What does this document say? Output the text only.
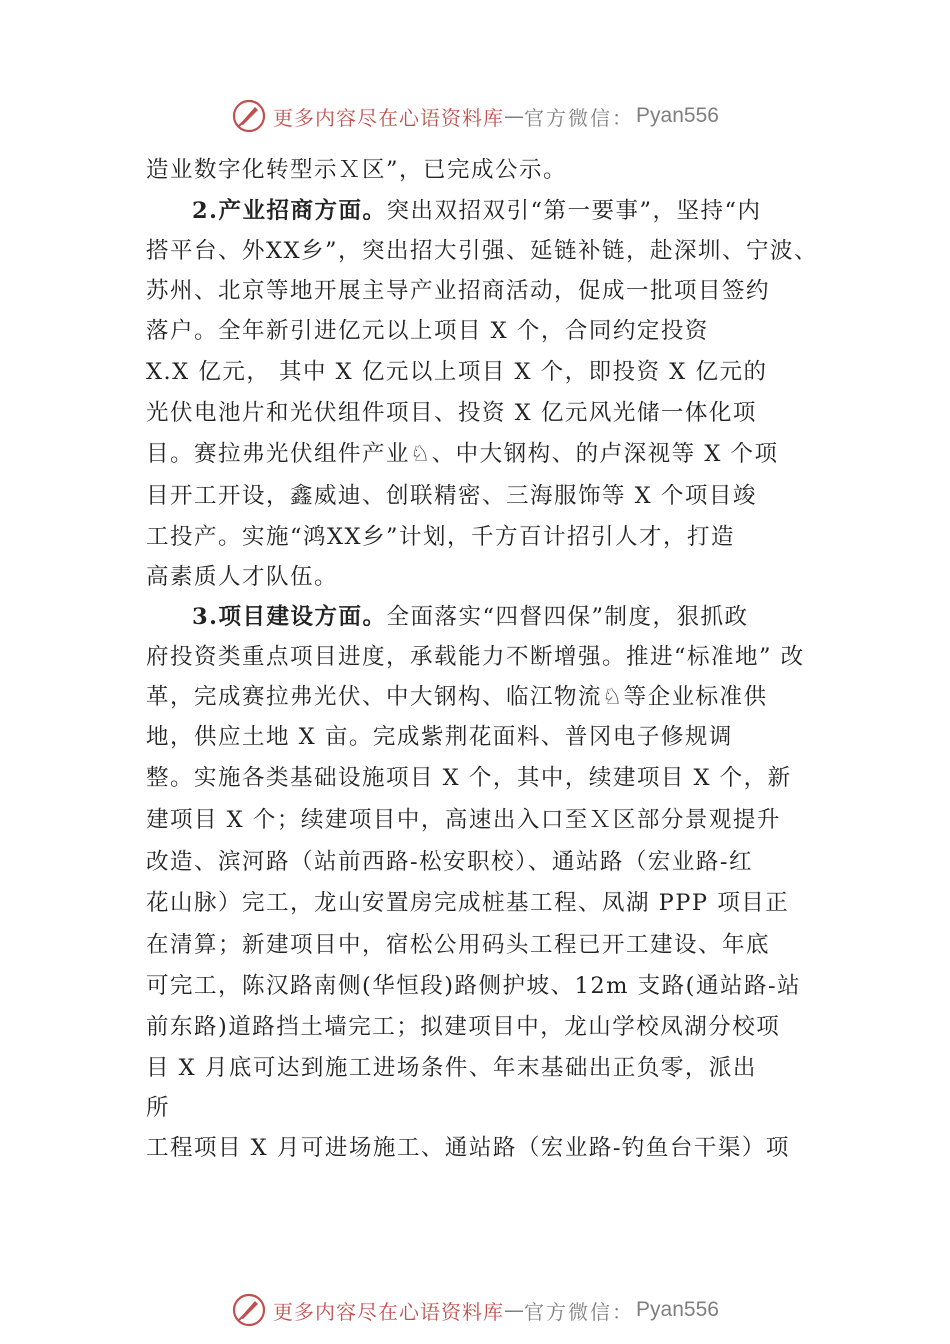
更多内容尽在心语资料库 — 官方微信： Pyan556
造业数字化转型示Ｘ区”，已完成公示。
2.产业招商方面。突出双招双引“第一要事”，坚持“内
搭平台、外XX乡”，突出招大引强、延链补链，赴深圳、宁波、
苏州、北京等地开展主导产业招商活动，促成一批项目签约
落户。全年新引进亿元以上项目 X 个，合同约定投资
X.X 亿元， 其中 X 亿元以上项目 X 个，即投资 X 亿元的
光伏电池片和光伏组件项目、投资 X 亿元风光储一体化项
目。赛拉弗光伏组件产业♘、中大钢构、的卢深视等 X 个项
目开工开设，鑫威迪、创联精密、三海服饰等 X 个项目竣
工投产。实施“鸿XX乡”计划，千方百计招引人才，打造
高素质人才队伍。
3.项目建设方面。全面落实“四督四保”制度，狠抓政
府投资类重点项目进度，承载能力不断增强。推进“标准地” 改
革，完成赛拉弗光伏、中大钢构、临江物流♘等企业标准供
地，供应土地 X 亩。完成紫荆花面料、普冈电子修规调
整。实施各类基础设施项目 X 个，其中，续建项目 X 个，新
建项目 X 个；续建项目中，高速出入口至Ｘ区部分景观提升
改造、滨河路（站前西路-松安职校）、通站路（宏业路-红
花山脉）完工，龙山安置房完成桩基工程、凤湖 PPP 项目正
在清算；新建项目中，宿松公用码头工程已开工建设、年底
可完工，陈汉路南侧(华恒段)路侧护坡、12m 支路(通站路-站
前东路)道路挡土墙完工；拟建项目中，龙山学校凤湖分校项
目 X 月底可达到施工进场条件、年末基础出正负零，派出
所
工程项目 X 月可进场施工、通站路（宏业路-钓鱼台干渠）项
更多内容尽在心语资料库 — 官方微信： Pyan556
